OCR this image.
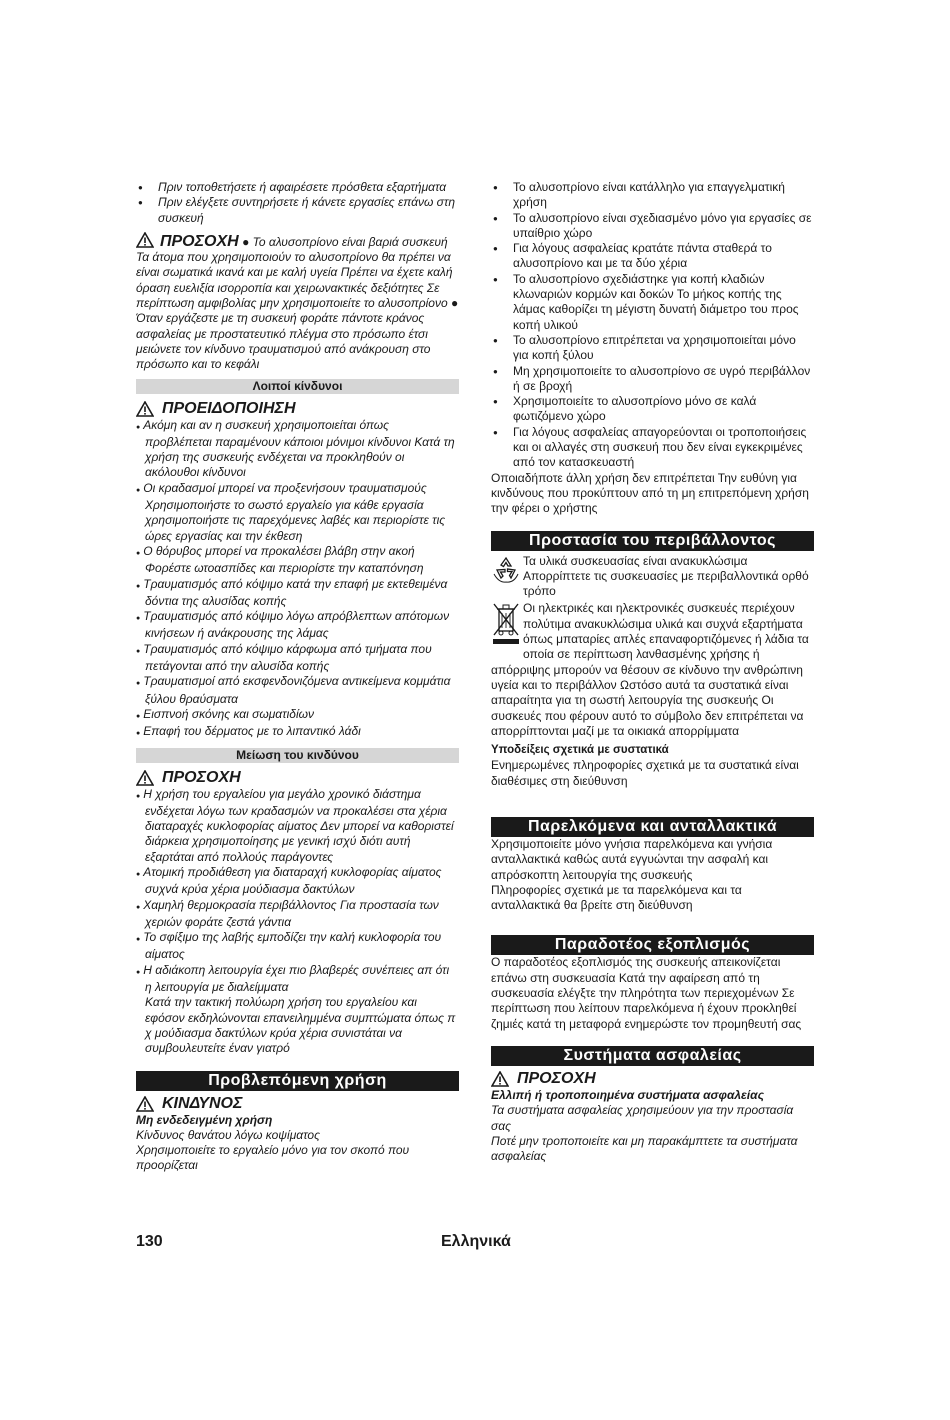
● Πριν τοποθετήσετε ή αφαιρέσετε πρόσθετα εξαρτήματα
● Πριν ελέγξετε συντηρήσετε ή κάνετε εργασίες επάνω στη συσκευή

ΠΡΟΣΟΧΗ ● Το αλυσοπρίονο είναι βαριά συσκευή Τα άτομα που χρησιμοποιούν το αλυσοπρίονο θα πρέπει να είναι σωματικά ικανά και με καλή υγεία Πρέπει να έχετε καλή όραση ευελιξία ισορροπία και χειρωνακτικές δεξιότητες Σε περίπτωση αμφιβολίας μην χρησιμοποιείτε το αλυσοπρίονο ● Όταν εργάζεστε με τη συσκευή φοράτε πάντοτε κράνος ασφαλείας με προστατευτικό πλέγμα στο πρόσωπο έτσι μειώνετε τον κίνδυνο τραυματισμού από ανάκρουση στο πρόσωπο και το κεφάλι

Λοιποί κίνδυνοι
ΠΡΟΕΙΔΟΠΟΙΗΣΗ
● Ακόμη και αν η συσκευή χρησιμοποιείται όπως προβλέπεται παραμένουν κάποιοι μόνιμοι κίνδυνοι Κατά τη χρήση της συσκευής ενδέχεται να προκληθούν οι ακόλουθοι κίνδυνοι
● Οι κραδασμοί μπορεί να προξενήσουν τραυματισμούς Χρησιμοποιήστε το σωστό εργαλείο για κάθε εργασία χρησιμοποιήστε τις παρεχόμενες λαβές και περιορίστε τις ώρες εργασίας και την έκθεση
● Ο θόρυβος μπορεί να προκαλέσει βλάβη στην ακοή Φορέστε ωτοασπίδες και περιορίστε την καταπόνηση
● Τραυματισμός από κόψιμο κατά την επαφή με εκτεθειμένα δόντια της αλυσίδας κοπής
● Τραυματισμός από κόψιμο λόγω απρόβλεπτων απότομων κινήσεων ή ανάκρουσης της λάμας
● Τραυματισμός από κόψιμο κάρφωμα από τμήματα που πετάγονται από την αλυσίδα κοπής
● Τραυματισμοί από εκσφενδονιζόμενα αντικείμενα κομμάτια ξύλου θραύσματα
● Εισπνοή σκόνης και σωματιδίων
● Επαφή του δέρματος με το λιπαντικό λάδι
Μείωση του κινδύνου
ΠΡΟΣΟΧΗ
● Η χρήση του εργαλείου για μεγάλο χρονικό διάστημα ενδέχεται λόγω των κραδασμών να προκαλέσει στα χέρια διαταραχές κυκλοφορίας αίματος Δεν μπορεί να καθοριστεί διάρκεια χρησιμοποίησης με γενική ισχύ διότι αυτή εξαρτάται από πολλούς παράγοντες
● Ατομική προδιάθεση για διαταραχή κυκλοφορίας αίματος συχνά κρύα χέρια μούδιασμα δακτύλων
● Χαμηλή θερμοκρασία περιβάλλοντος Για προστασία των χεριών φοράτε ζεστά γάντια
● Το σφίξιμο της λαβής εμποδίζει την καλή κυκλοφορία του αίματος
● Η αδιάκοπη λειτουργία έχει πιο βλαβερές συνέπειες απ ότι η λειτουργία με διαλείμματα

Κατά την τακτική πολύωρη χρήση του εργαλείου και εφόσον εκδηλώνονται επανειλημμένα συμπτώματα όπως π χ μούδιασμα δακτύλων κρύα χέρια συνιστάται να συμβουλευτείτε έναν γιατρό

Προβλεπόμενη χρήση
ΚΙΝΔΥΝΟΣ

Μη ενδεδειγμένη χρήση

Κίνδυνος θανάτου λόγω κοψίματος

Χρησιμοποιείτε το εργαλείο μόνο για τον σκοπό που προορίζεται

● Το αλυσοπρίονο είναι κατάλληλο για επαγγελματική χρήση
● Το αλυσοπρίονο είναι σχεδιασμένο μόνο για εργασίες σε υπαίθριο χώρο
● Για λόγους ασφαλείας κρατάτε πάντα σταθερά το αλυσοπρίονο και με τα δύο χέρια
● Το αλυσοπρίονο σχεδιάστηκε για κοπή κλαδιών κλωναριών κορμών και δοκών Το μήκος κοπής της λάμας καθορίζει τη μέγιστη δυνατή διάμετρο του προς κοπή υλικού
● Το αλυσοπρίονο επιτρέπεται να χρησιμοποιείται μόνο για κοπή ξύλου
● Μη χρησιμοποιείτε το αλυσοπρίονο σε υγρό περιβάλλον ή σε βροχή
● Χρησιμοποιείτε το αλυσοπρίονο μόνο σε καλά φωτιζόμενο χώρο
● Για λόγους ασφαλείας απαγορεύονται οι τροποποιήσεις και οι αλλαγές στη συσκευή που δεν είναι εγκεκριμένες από τον κατασκευαστή

Οποιαδήποτε άλλη χρήση δεν επιτρέπεται Την ευθύνη για κινδύνους που προκύπτουν από τη μη επιτρεπόμενη χρήση την φέρει ο χρήστης

Προστασία του περιβάλλοντος

Τα υλικά συσκευασίας είναι ανακυκλώσιμα Απορρίπτετε τις συσκευασίες με περιβαλλοντικά ορθό τρόπο

Οι ηλεκτρικές και ηλεκτρονικές συσκευές περιέχουν πολύτιμα ανακυκλώσιμα υλικά και συχνά εξαρτήματα όπως μπαταρίες απλές επαναφορτιζόμενες ή λάδια τα οποία σε περίπτωση λανθασμένης χρήσης ή απόρριψης μπορούν να θέσουν σε κίνδυνο την ανθρώπινη υγεία και το περιβάλλον Ωστόσο αυτά τα συστατικά είναι απαραίτητα για τη σωστή λειτουργία της συσκευής Οι συσκευές που φέρουν αυτό το σύμβολο δεν επιτρέπεται να απορρίπτονται μαζί με τα οικιακά απορρίμματα

Υποδείξεις σχετικά με συστατικά

Ενημερωμένες πληροφορίες σχετικά με τα συστατικά είναι διαθέσιμες στη διεύθυνση

Παρελκόμενα και ανταλλακτικά

Χρησιμοποιείτε μόνο γνήσια παρελκόμενα και γνήσια ανταλλακτικά καθώς αυτά εγγυώνται την ασφαλή και απρόσκοπτη λειτουργία της συσκευής

Πληροφορίες σχετικά με τα παρελκόμενα και τα ανταλλακτικά θα βρείτε στη διεύθυνση

Παραδοτέος εξοπλισμός

Ο παραδοτέος εξοπλισμός της συσκευής απεικονίζεται επάνω στη συσκευασία Κατά την αφαίρεση από τη συσκευασία ελέγξτε την πληρότητα των περιεχομένων Σε περίπτωση που λείπουν παρελκόμενα ή έχουν προκληθεί ζημιές κατά τη μεταφορά ενημερώστε τον προμηθευτή σας

Συστήματα ασφαλείας
ΠΡΟΣΟΧΗ

Ελλιπή ή τροποποιημένα συστήματα ασφαλείας

Τα συστήματα ασφαλείας χρησιμεύουν για την προστασία σας

Ποτέ μην τροποποιείτε και μη παρακάμπτετε τα συστήματα ασφαλείας

130	Ελληνικά
